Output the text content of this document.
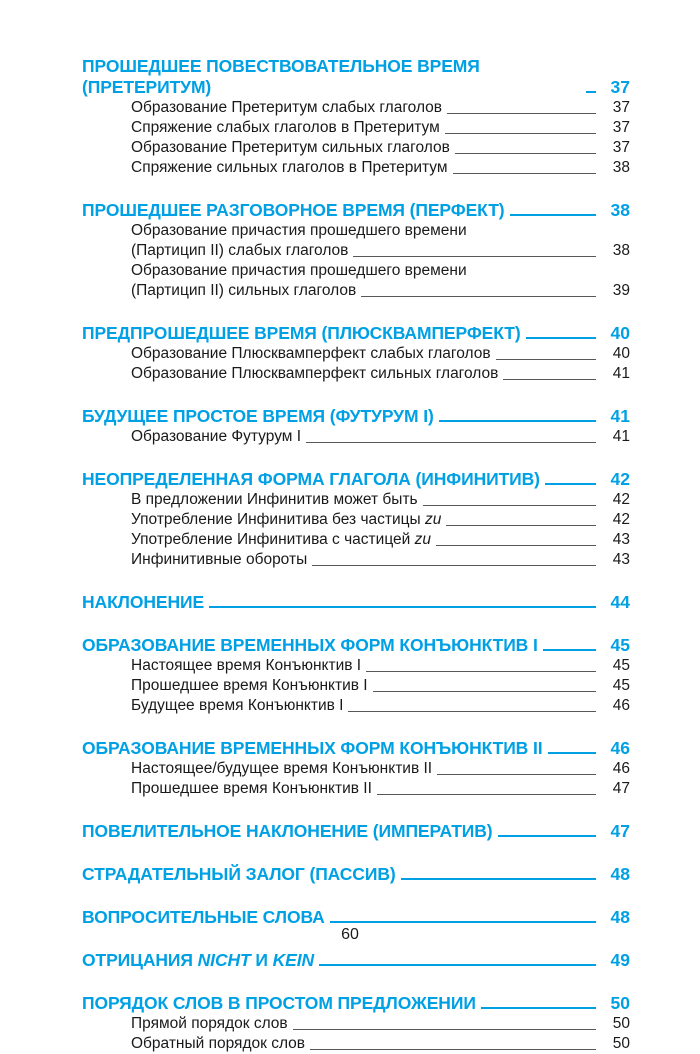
ПРОШЕДШЕЕ ПОВЕСТВОВАТЕЛЬНОЕ ВРЕМЯ (ПРЕТЕРИТУМ)	37
Образование Претеритум слабых глаголов	37
Спряжение слабых глаголов в Претеритум	37
Образование Претеритум сильных глаголов	37
Спряжение сильных глаголов в Претеритум	38
ПРОШЕДШЕЕ РАЗГОВОРНОЕ ВРЕМЯ (ПЕРФЕКТ)	38
Образование причастия прошедшего времени
(Партицип II) слабых глаголов	38
Образование причастия прошедшего времени
(Партицип II) сильных глаголов	39
ПРЕДПРОШЕДШЕЕ ВРЕМЯ (ПЛЮСКВАМПЕРФЕКТ)	40
Образование Плюсквамперфект слабых глаголов	40
Образование Плюсквамперфект сильных глаголов	41
БУДУЩЕЕ ПРОСТОЕ ВРЕМЯ (ФУТУРУМ I)	41
Образование Футурум I	41
НЕОПРЕДЕЛЕННАЯ ФОРМА ГЛАГОЛА (ИНФИНИТИВ)	42
В предложении Инфинитив может быть	42
Употребление Инфинитива без частицы zu	42
Употребление Инфинитива с частицей zu	43
Инфинитивные обороты	43
НАКЛОНЕНИЕ	44
ОБРАЗОВАНИЕ ВРЕМЕННЫХ ФОРМ КОНЪЮНКТИВ I	45
Настоящее время Конъюнктив I	45
Прошедшее время Конъюнктив I	45
Будущее время Конъюнктив I	46
ОБРАЗОВАНИЕ ВРЕМЕННЫХ ФОРМ КОНЪЮНКТИВ II	46
Настоящее/будущее время Конъюнктив II	46
Прошедшее время Конъюнктив II	47
ПОВЕЛИТЕЛЬНОЕ НАКЛОНЕНИЕ (ИМПЕРАТИВ)	47
СТРАДАТЕЛЬНЫЙ ЗАЛОГ (ПАССИВ)	48
ВОПРОСИТЕЛЬНЫЕ СЛОВА	48
ОТРИЦАНИЯ NICHT И KEIN	49
ПОРЯДОК СЛОВ В ПРОСТОМ ПРЕДЛОЖЕНИИ	50
Прямой порядок слов	50
Обратный порядок слов	50
60
